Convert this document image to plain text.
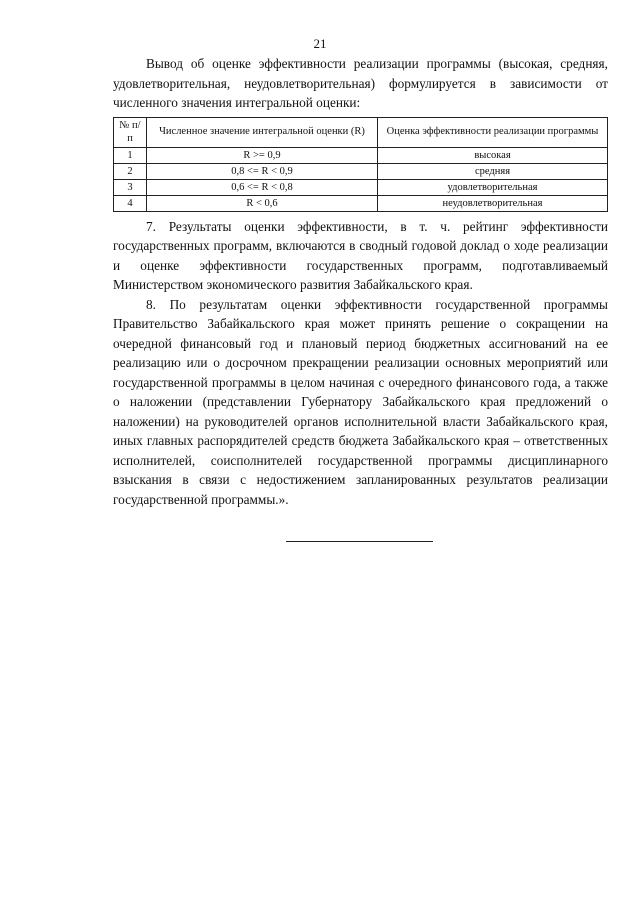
21

Вывод об оценке эффективности реализации программы (высокая, средняя, удовлетворительная, неудовлетворительная) формулируется в зависимости от численного значения интегральной оценки:

№ п/п	Численное значение интегральной оценки (R)	Оценка эффективности реализации программы
1	R >= 0,9	высокая
2	0,8 <= R < 0,9	средняя
3	0,6 <= R < 0,8	удовлетворительная
4	R < 0,6	неудовлетворительная

7. Результаты оценки эффективности, в т. ч. рейтинг эффективности государственных программ, включаются в сводный годовой доклад о ходе реализации и оценке эффективности государственных программ, подготавливаемый Министерством экономического развития Забайкальского края.

8. По результатам оценки эффективности государственной программы Правительство Забайкальского края может принять решение о сокращении на очередной финансовый год и плановый период бюджетных ассигнований на ее реализацию или о досрочном прекращении реализации основных мероприятий или государственной программы в целом начиная с очередного финансового года, а также о наложении (представлении Губернатору Забайкальского края предложений о наложении) на руководителей органов исполнительной власти Забайкальского края, иных главных распорядителей средств бюджета Забайкальского края – ответственных исполнителей, соисполнителей государственной программы дисциплинарного взыскания в связи с недостижением запланированных результатов реализации государственной программы.».
